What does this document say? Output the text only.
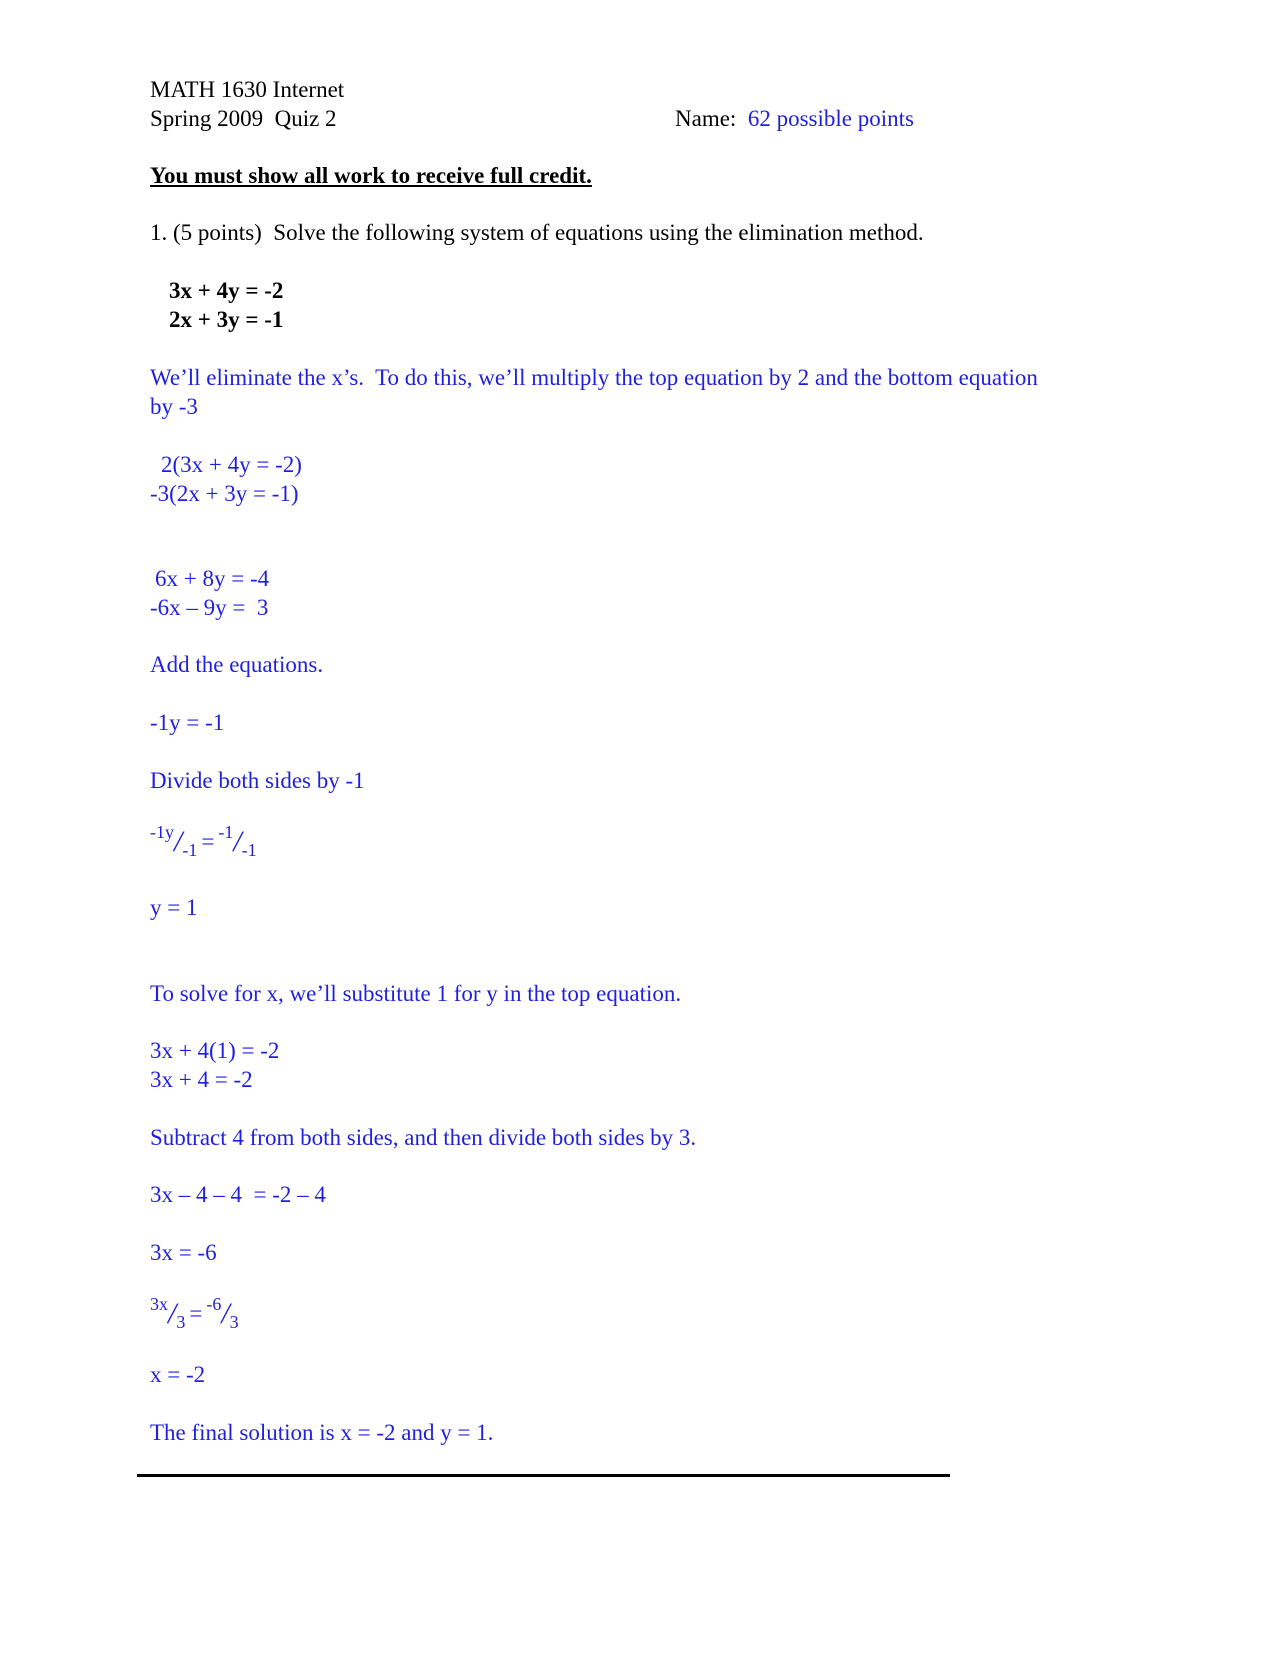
MATH 1630 Internet
Spring 2009  Quiz 2	Name: 62 possible points
You must show all work to receive full credit.
1. (5 points)  Solve the following system of equations using the elimination method.
3x + 4y = -2
2x + 3y = -1
We’ll eliminate the x’s.  To do this, we’ll multiply the top equation by 2 and the bottom equation
by -3
2(3x + 4y = -2)
-3(2x + 3y = -1)
6x + 8y = -4
-6x – 9y =  3
Add the equations.
-1y = -1
Divide both sides by -1
$^{-1y}/_{-1} = ^{-1}/_{-1}$
y = 1
To solve for x, we’ll substitute 1 for y in the top equation.
3x + 4(1) = -2
3x + 4 = -2
Subtract 4 from both sides, and then divide both sides by 3.
3x – 4 – 4  = -2 – 4
3x = -6
$^{3x}/_3 = ^{-6}/_3$
x = -2
The final solution is x = -2 and y = 1.
